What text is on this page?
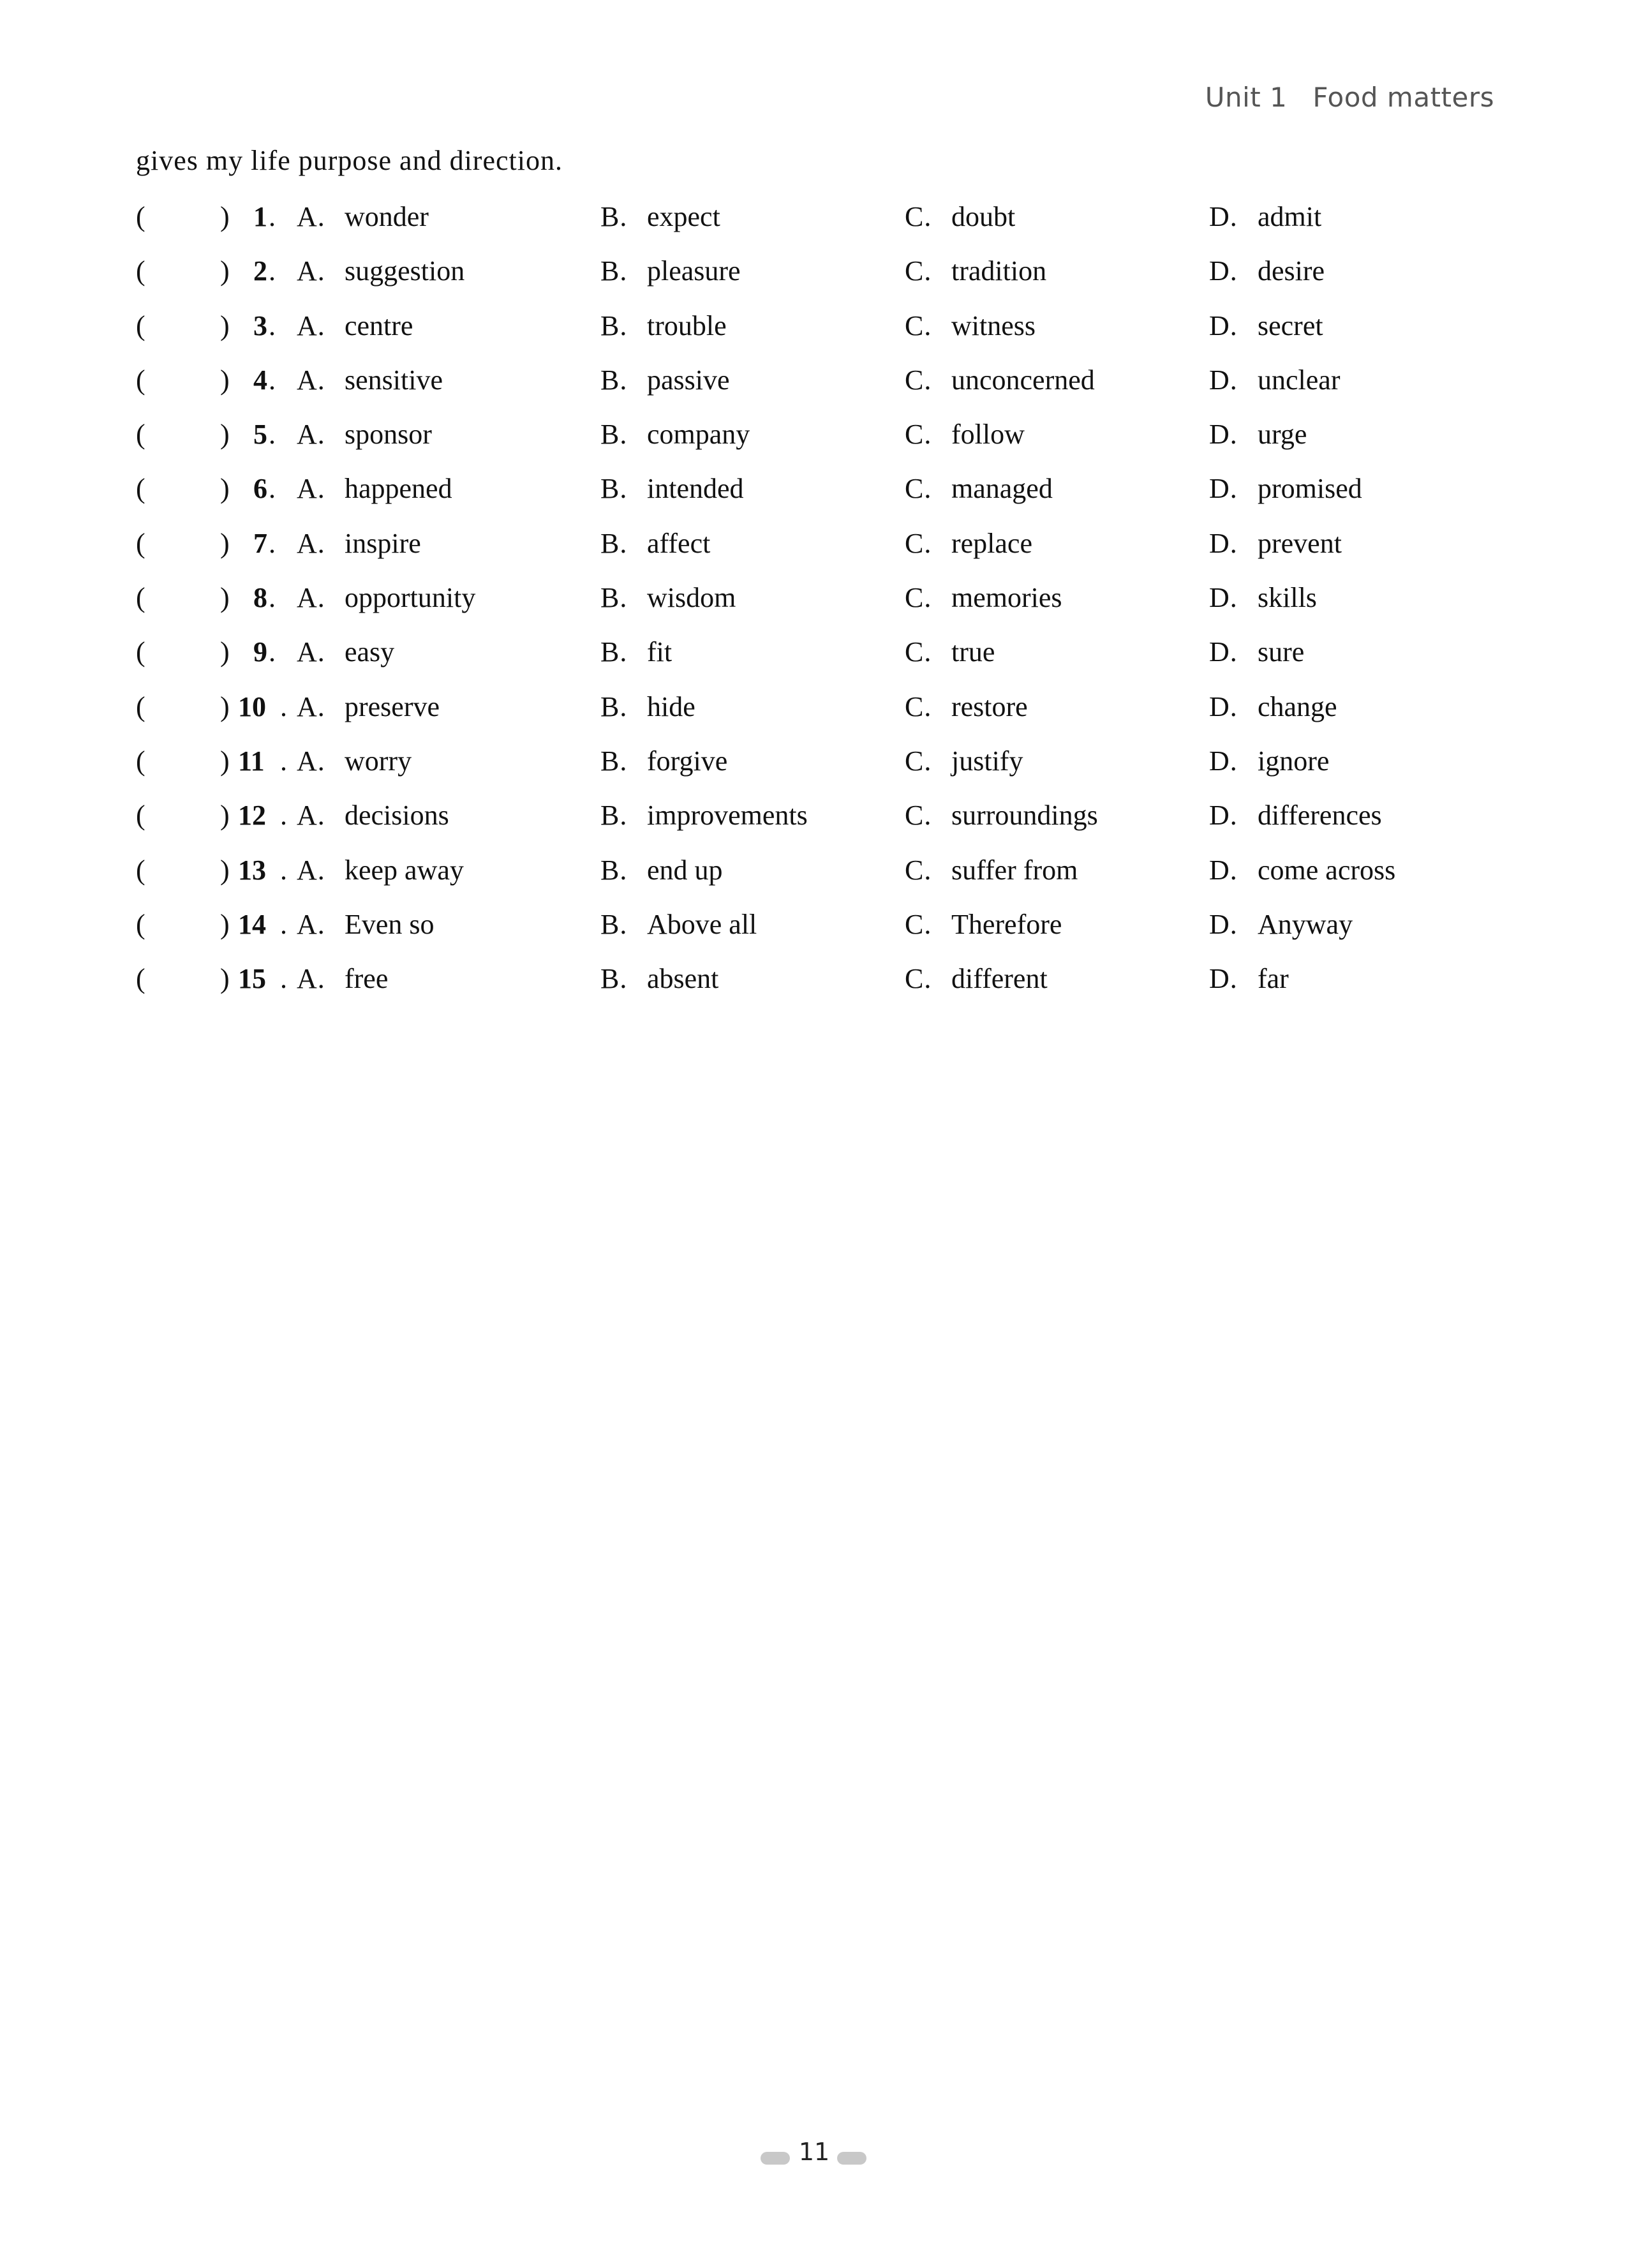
Unit 1 Food matters
gives my life purpose and direction.
(	) 1 . A. wonder	B. expect	C. doubt	D. admit
(	) 2 . A. suggestion	B. pleasure	C. tradition	D. desire
(	) 3 . A. centre	B. trouble	C. witness	D. secret
(	) 4 . A. sensitive	B. passive	C. unconcerned	D. unclear
(	) 5 . A. sponsor	B. company	C. follow	D. urge
(	) 6 . A. happened	B. intended	C. managed	D. promised
(	) 7 . A. inspire	B. affect	C. replace	D. prevent
(	) 8 . A. opportunity	B. wisdom	C. memories	D. skills
(	) 9 . A. easy	B. fit	C. true	D. sure
(	) 10 . A. preserve	B. hide	C. restore	D. change
(	) 11 . A. worry	B. forgive	C. justify	D. ignore
(	) 12 . A. decisions	B. improvements	C. surroundings	D. differences
(	) 13 . A. keep away	B. end up	C. suffer from	D. come across
(	) 14 . A. Even so	B. Above all	C. Therefore	D. Anyway
(	) 15 . A. free	B. absent	C. different	D. far
11
